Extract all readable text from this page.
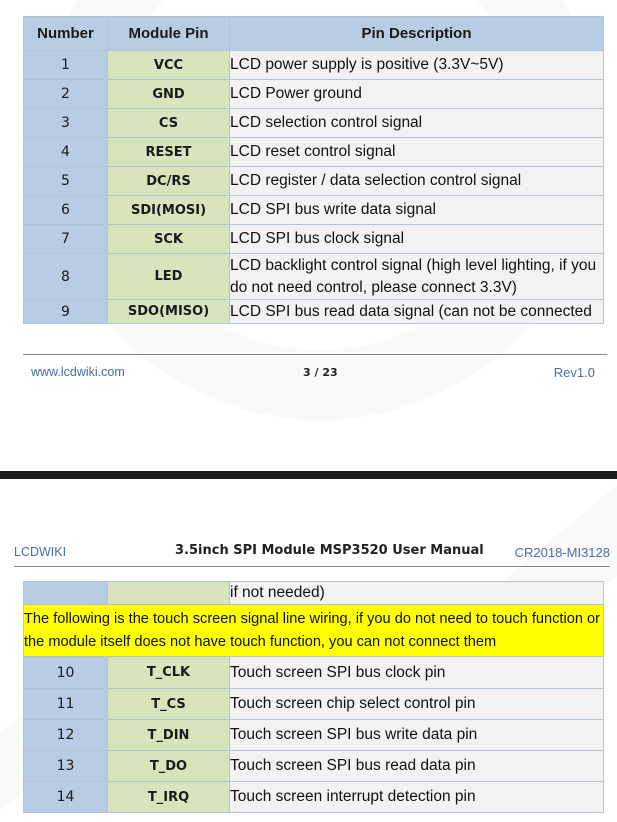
Number	Module Pin	Pin Description
1	VCC	LCD power supply is positive (3.3V~5V)
2	GND	LCD Power ground
3	CS	LCD selection control signal
4	RESET	LCD reset control signal
5	DC/RS	LCD register / data selection control signal
6	SDI(MOSI)	LCD SPI bus write data signal
7	SCK	LCD SPI bus clock signal
8	LED	LCD backlight control signal (high level lighting, if you do not need control, please connect 3.3V)
9	SDO(MISO)	LCD SPI bus read data signal (can not be connected
www.lcdwiki.com	3 / 23	Rev1.0
LCDWIKI	3.5inch SPI Module MSP3520 User Manual CR2018-MI3128
		if not needed)
The following is the touch screen signal line wiring, if you do not need to touch function or the module itself does not have touch function, you can not connect them		
10	T_CLK	Touch screen SPI bus clock pin
11	T_CS	Touch screen chip select control pin
12	T_DIN	Touch screen SPI bus write data pin
13	T_DO	Touch screen SPI bus read data pin
14	T_IRQ	Touch screen interrupt detection pin
